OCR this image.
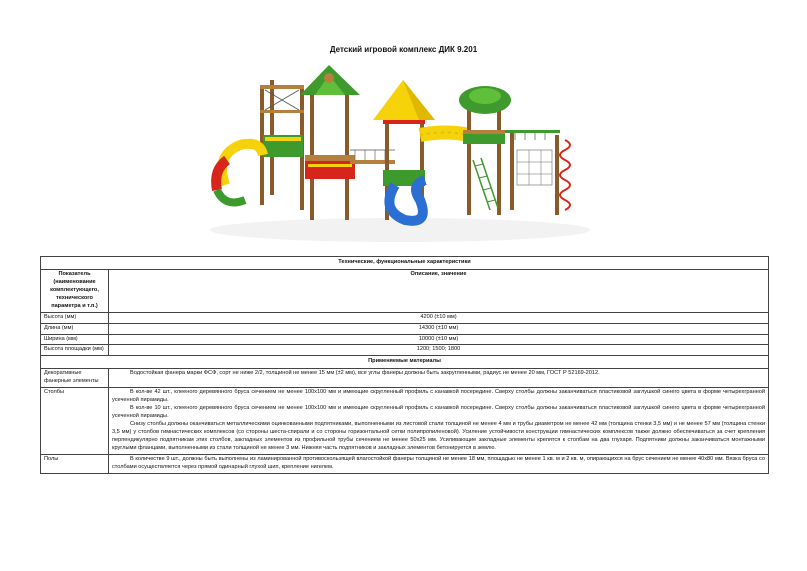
Детский игровой комплекс ДИК 9.201
Технические, функциональные характеристики	
Показатель (наименование комплектующего, технического параметра и т.п.)	Описание, значение
Высота (мм)	4200 (±10 мм)
Длина (мм)	14300 (±10 мм)
Ширина (мм)	10000 (±10 мм)
Высота площадки (мм)	1200; 1500; 1800
Применяемые материалы	
Декоративные фанерные элементы	Водостойкая фанера марки ФСФ, сорт не ниже 2/2, толщиной не менее 15 мм (±2 мм), все углы фанеры должны быть закругленными, радиус не менее 20 мм, ГОСТ Р 52169-2012.

Столбы	В кол-ве 42 шт., клееного деревянного бруса сечением не менее 100х100 мм и имеющие скругленный профиль с канавкой посередине. Сверху столбы должны заканчиваться пластиковой заглушкой синего цвета в форме четырехгранной усеченной пирамиды.

В кол-ве 10 шт., клееного деревянного бруса сечением не менее 100х100 мм и имеющие скругленный профиль с канавкой посередине. Сверху столбы должны заканчиваться пластиковой заглушкой синего цвета в форме четырехгранной усеченной пирамиды.

Снизу столбы должны оканчиваться металлическими оцинкованными подпятниками, выполненными из листовой стали толщиной не менее 4 мм и трубы диаметром не менее 42 мм (толщина стенки 3,5 мм) и не менее 57 мм (толщина стенки 3,5 мм) у столбов гимнастических комплексов (со стороны шеста-спирали и со стороны горизонтальной сетки полипропиленовой). Усиление устойчивости конструкции гимнастических комплексов также должно обеспечиваться за счет крепления перпендикулярно подпятникам этих столбов, закладных элементов из профильной трубы сечением не менее 50х25 мм. Усиливающие закладные элементы крепятся к столбам на два глухаря. Подпятники должны заканчиваться монтажными круглыми фланцами, выполненными из стали толщиной не менее 3 мм. Нижняя часть подпятников и закладных элементов бетонируется в землю.

Полы	В количестве 9 шт., должны быть выполнены из ламинированной противоскользящей влагостойкой фанеры толщиной не менее 18 мм, площадью не менее 1 кв. м и 2 кв. м, опирающихся на брус сечением не менее 40х80 мм. Вязка бруса со столбами осуществляется через прямой одинарный глухой шип, крепление нигелем.
